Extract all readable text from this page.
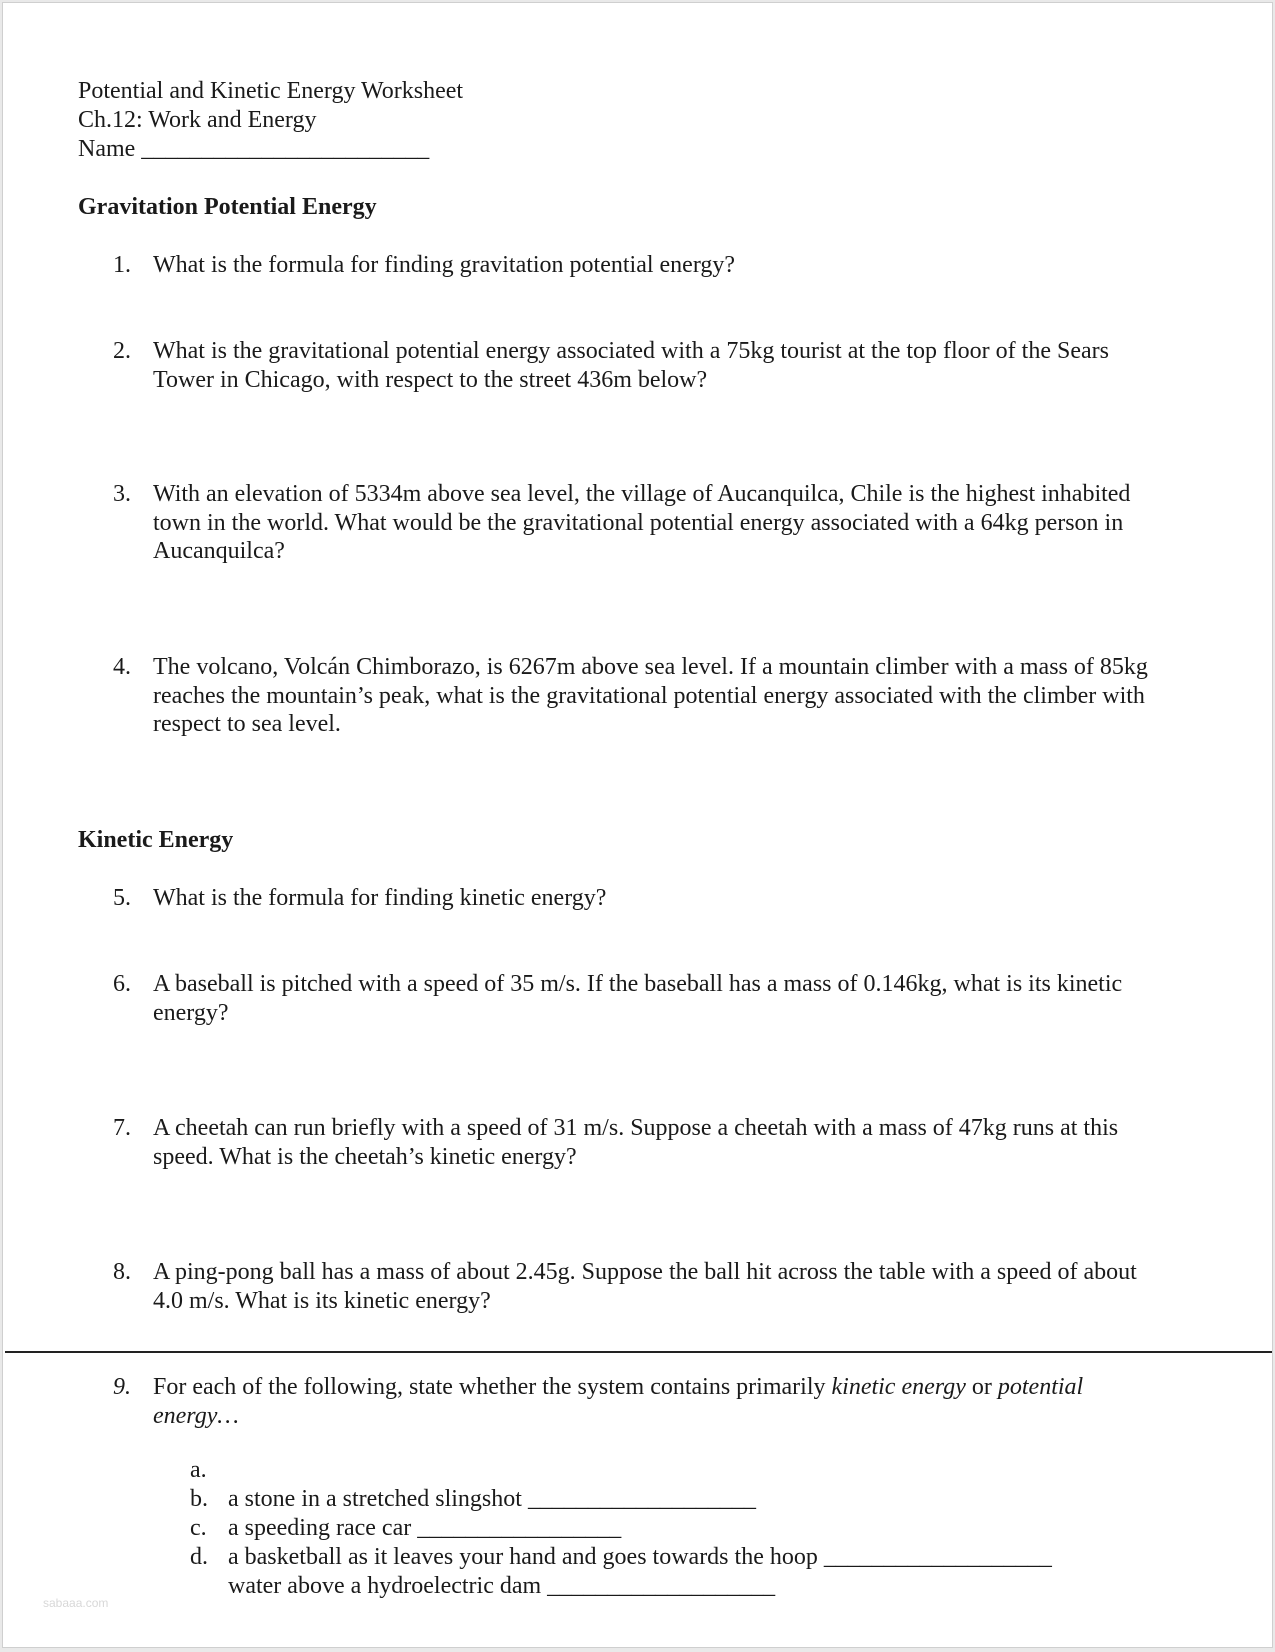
Potential and Kinetic Energy Worksheet
Ch.12: Work and Energy
Name ________________________
Gravitation Potential Energy
1. What is the formula for finding gravitation potential energy?
2. What is the gravitational potential energy associated with a 75kg tourist at the top floor of the Sears
Tower in Chicago, with respect to the street 436m below?
3. With an elevation of 5334m above sea level, the village of Aucanquilca, Chile is the highest inhabited
town in the world. What would be the gravitational potential energy associated with a 64kg person in
Aucanquilca?
4. The volcano, Volcán Chimborazo, is 6267m above sea level. If a mountain climber with a mass of 85kg
reaches the mountain’s peak, what is the gravitational potential energy associated with the climber with
respect to sea level.
Kinetic Energy
5. What is the formula for finding kinetic energy?
6. A baseball is pitched with a speed of 35 m/s. If the baseball has a mass of 0.146kg, what is its kinetic
energy?
7. A cheetah can run briefly with a speed of 31 m/s. Suppose a cheetah with a mass of 47kg runs at this
speed. What is the cheetah’s kinetic energy?
8. A ping-pong ball has a mass of about 2.45g. Suppose the ball hit across the table with a speed of about
4.0 m/s. What is its kinetic energy?
9. For each of the following, state whether the system contains primarily kinetic energy or potential
energy…

a.

a stone in a stretched slingshot ___________________

b.

a speeding race car _________________

c.

a basketball as it leaves your hand and goes towards the hoop ___________________

d.

water above a hydroelectric dam ___________________

sabaaa.com
